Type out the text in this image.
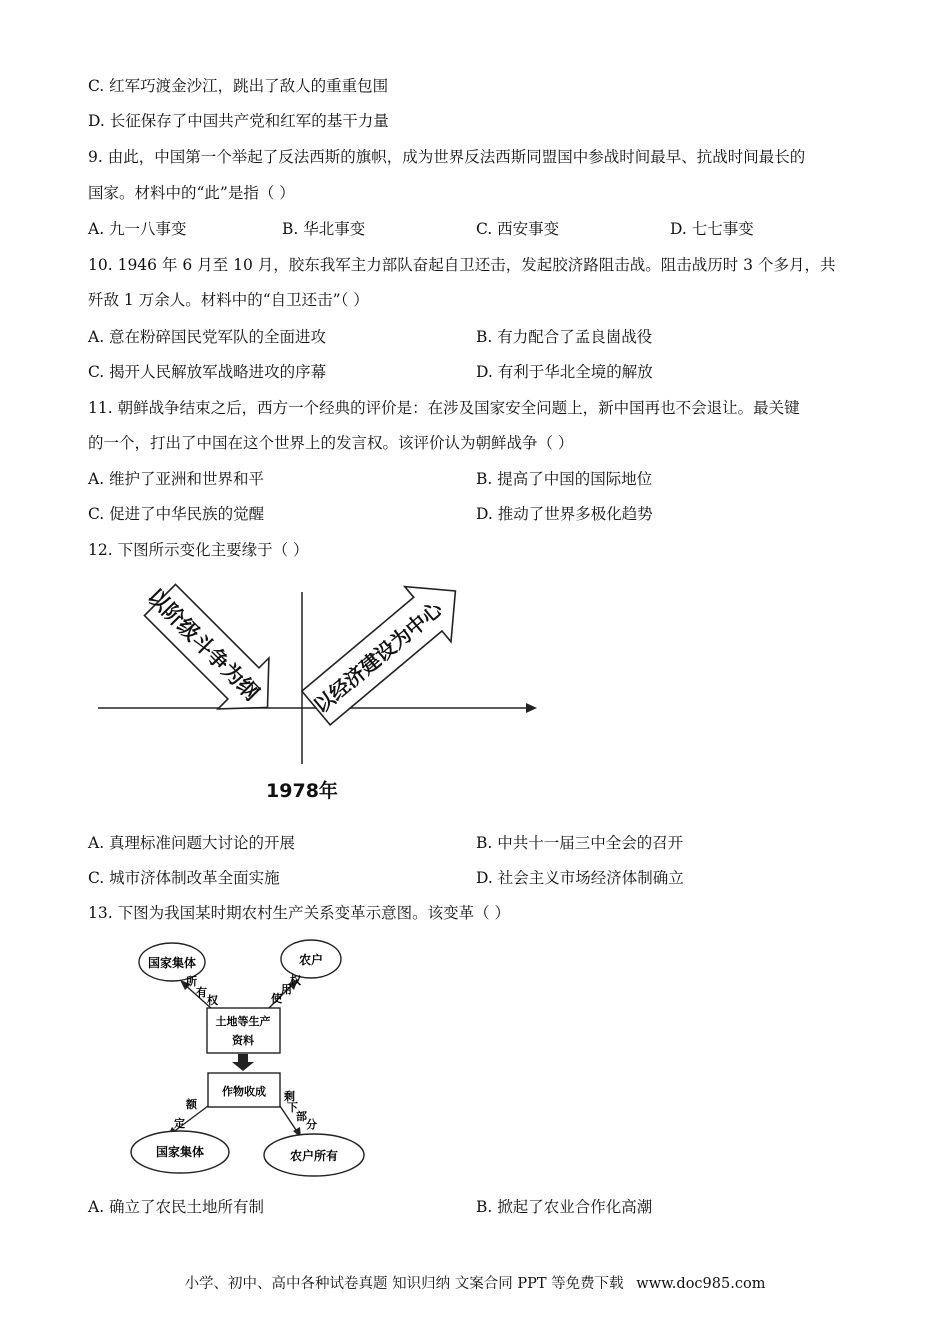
C. 红军巧渡金沙江，跳出了敌人的重重包围
D. 长征保存了中国共产党和红军的基干力量
9. 由此，中国第一个举起了反法西斯的旗帜，成为世界反法西斯同盟国中参战时间最早、抗战时间最长的
国家。材料中的“此”是指（ ）
A. 九一八事变	B. 华北事变	C. 西安事变	D. 七七事变
10. 1946 年 6 月至 10 月，胶东我军主力部队奋起自卫还击，发起胶济路阻击战。阻击战历时 3 个多月，共
歼敌 1 万余人。材料中的“自卫还击”（ ）
A. 意在粉碎国民党军队的全面进攻	B. 有力配合了孟良崮战役
C. 揭开人民解放军战略进攻的序幕	D. 有利于华北全境的解放
11. 朝鲜战争结束之后，西方一个经典的评价是：在涉及国家安全问题上，新中国再也不会退让。最关键
的一个，打出了中国在这个世界上的发言权。该评价认为朝鲜战争（ ）
A. 维护了亚洲和世界和平	B. 提高了中国的国际地位
C. 促进了中华民族的觉醒	D. 推动了世界多极化趋势
12. 下图所示变化主要缘于（ ）
以阶级斗争为纲 以经济建设为中心
1978年
A. 真理标准问题大讨论的开展	B. 中共十一届三中全会的召开
C. 城市济体制改革全面实施	D. 社会主义市场经济体制确立
13. 下图为我国某时期农村生产关系变革示意图。该变革（ ）
国家集体	农户
所
有
权	使
用
权
土地等生产
资料
作物收成
额
定
剩
下
部
分
国家集体	农户所有
A. 确立了农民土地所有制	B. 掀起了农业合作化高潮
小学、初中、高中各种试卷真题 知识归纳 文案合同 PPT 等免费下载 www.doc985.com
